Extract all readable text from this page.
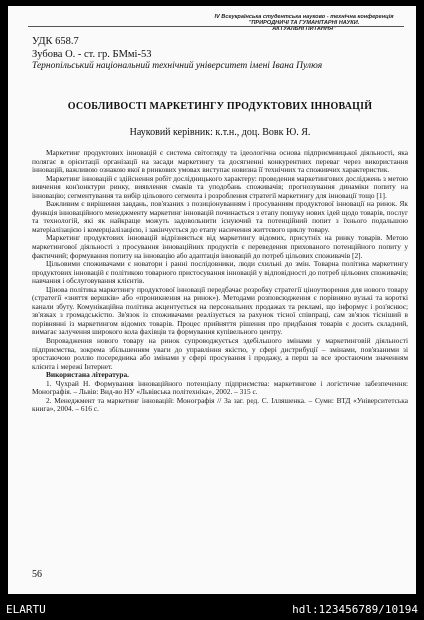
IV Всеукраїнська студентська науково - технічна конференція "ПРИРОДНИЧІ ТА ГУМАНІТАРНІ НАУКИ.
АКТУАЛЬНІ ПИТАННЯ"
УДК 658.7
Зубова О. - ст. гр. БМмі-53
Тернопільський національний технічний університет імені Івана Пулюя
ОСОБЛИВОСТІ МАРКЕТИНГУ ПРОДУКТОВИХ ІННОВАЦІЙ
Науковий керівник: к.т.н., доц. Вовк Ю. Я.

Маркетинг продуктових інновацій є система світогляду та ідеологічна основа підприємницької діяльності, яка полягає в орієнтації організації на засади маркетингу та досягненні конкурентних переваг через використання інновацій, важливою ознакою якої в ринкових умовах виступає новизна її технічних та споживчих характеристик.

Маркетинг інновацій є здійснення робіт дослідницького характеру: проведення маркетингових досліджень з метою вивчення кон'юнктури ринку, виявлення смаків та уподобань споживачів; прогнозування динаміки попиту на інновацію; сегментування та вибір цільового сегмента і розроблення стратегії маркетингу для інновації тощо [1].

Важливим є вирішення завдань, пов'язаних з позиціонуванням і просуванням продуктової інновації на ринок. Як функція інноваційного менеджменту маркетинг інновацій починається з етапу пошуку нових ідей щодо товарів, послуг та технологій, які як найкраще можуть задовольнити існуючий та потенційний попит з їхнього подальшою матеріалізацією і комерціалізацією, і закінчується до етапу насичення життєвого циклу товару.

Маркетинг продуктових інновацій відрізняється від маркетингу відомих, присутніх на ринку товарів. Метою маркетингової діяльності з просування інноваційних продуктів є переведення прихованого потенційного попиту у фактичний; формування попиту на інновацію або адаптація інновацій до потреб цільових споживачів [2].

Цільовими споживачами є новатори і ранні послідовники, люди схильні до змін. Товарна політика маркетингу продуктових інновацій є політикою товарного пристосування інновацій у відповідності до потреб цільових споживачів; навчання і обслуговування клієнтів.

Цінова політика маркетингу продуктової інновації передбачає розробку стратегії ціноутворення для нового товару (стратегії «зняття вершків» або «проникнення на ринок»). Методами розповсюдження є порівняно вузькі та короткі канали збуту. Комунікаційна політика акцентується на персональних продажах та рекламі, що інформує і роз'яснює; зв'язках з громадськістю. Зв'язок із споживачами реалізується за рахунок тісної співпраці, сам зв'язок тісніший в порівнянні із маркетингом відомих товарів. Процес прийняття рішення про придбання товарів є досить складний, вимагає залучення широкого кола фахівців та формування купівельного центру.

Впровадження нового товару на ринок супроводжується здебільшого змінами у маркетинговій діяльності підприємства, зокрема збільшенням уваги до управління якістю, у сфері дистрибуції – змінами, пов'язаними зі зростаючою роллю посередника або змінами у сфері просування і продажу, а перш за все зростаючим значенням клієнта і мережі Інтернет.

Використана література.

1. Чухрай Н. Формування інноваційного потенціалу підприємства: маркетингове і логістичне забезпечення: Монографія. – Львів: Вид-во НУ «Львівська політехніка», 2002. – 315 с.

2. Менеджмент та маркетинг інновацій: Монографія // За заг. ред. С. Ілляшенка. – Суми: ВТД «Університетська книга», 2004. – 616 с.

56
ELARTU	hdl:123456789/10194
